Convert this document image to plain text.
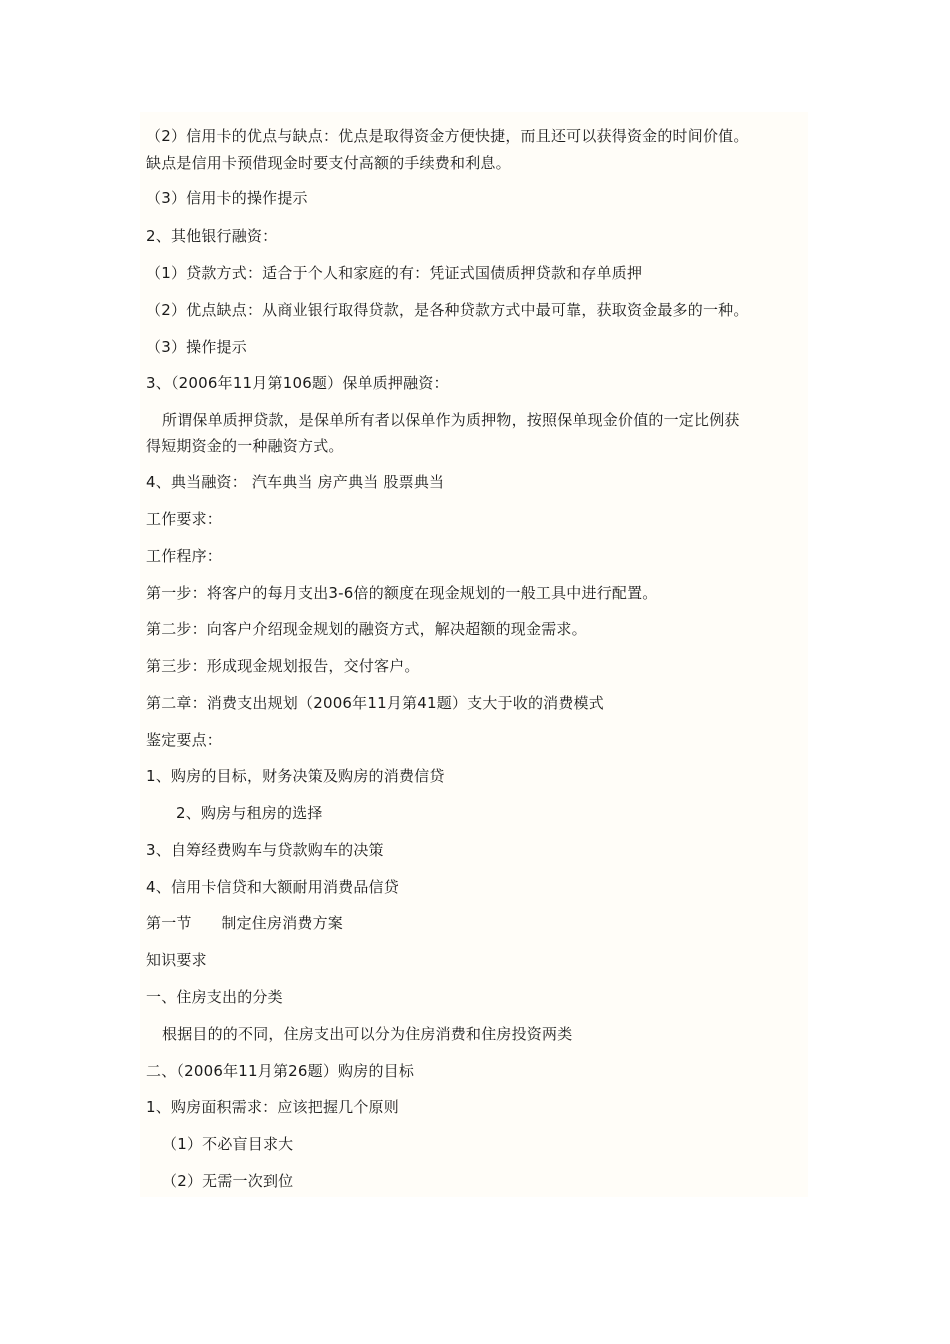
（2）信用卡的优点与缺点：优点是取得资金方便快捷，而且还可以获得资金的时间价值。
缺点是信用卡预借现金时要支付高额的手续费和利息。
（3）信用卡的操作提示
2、其他银行融资：
（1）贷款方式：适合于个人和家庭的有：凭证式国债质押贷款和存单质押
（2）优点缺点：从商业银行取得贷款，是各种贷款方式中最可靠，获取资金最多的一种。
（3）操作提示
3、（2006年11月第106题）保单质押融资：
所谓保单质押贷款，是保单所有者以保单作为质押物，按照保单现金价值的一定比例获
得短期资金的一种融资方式。
4、典当融资： 汽车典当 房产典当 股票典当
工作要求：
工作程序：
第一步：将客户的每月支出3-6倍的额度在现金规划的一般工具中进行配置。
第二步：向客户介绍现金规划的融资方式，解决超额的现金需求。
第三步：形成现金规划报告，交付客户。
第二章：消费支出规划（2006年11月第41题）支大于收的消费模式
鉴定要点：
1、购房的目标，财务决策及购房的消费信贷
2、购房与租房的选择
3、自筹经费购车与贷款购车的决策
4、信用卡信贷和大额耐用消费品信贷
第一节      制定住房消费方案
知识要求
一、住房支出的分类
根据目的的不同，住房支出可以分为住房消费和住房投资两类
二、（2006年11月第26题）购房的目标
1、购房面积需求：应该把握几个原则
（1）不必盲目求大
（2）无需一次到位
